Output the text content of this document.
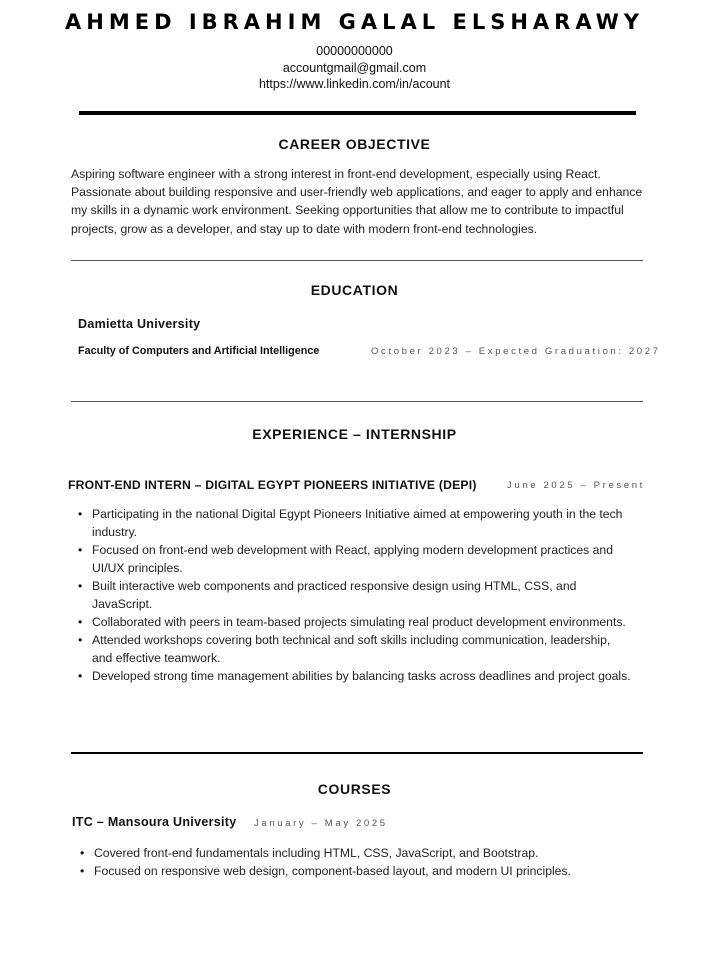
AHMED IBRAHIM GALAL ELSHARAWY
00000000000
accountgmail@gmail.com
https://www.linkedin.com/in/acount
CAREER OBJECTIVE
Aspiring software engineer with a strong interest in front-end development, especially using React. Passionate about building responsive and user-friendly web applications, and eager to apply and enhance my skills in a dynamic work environment. Seeking opportunities that allow me to contribute to impactful projects, grow as a developer, and stay up to date with modern front-end technologies.
EDUCATION
Damietta University
Faculty of Computers and Artificial Intelligence	October 2023 – Expected Graduation: 2027
EXPERIENCE – INTERNSHIP
FRONT-END INTERN – DIGITAL EGYPT PIONEERS INITIATIVE (DEPI)	June 2025 – Present
• Participating in the national Digital Egypt Pioneers Initiative aimed at empowering youth in the tech industry.
• Focused on front-end web development with React, applying modern development practices and UI/UX principles.
• Built interactive web components and practiced responsive design using HTML, CSS, and JavaScript.
• Collaborated with peers in team-based projects simulating real product development environments.
• Attended workshops covering both technical and soft skills including communication, leadership, and effective teamwork.
• Developed strong time management abilities by balancing tasks across deadlines and project goals.
COURSES
ITC – Mansoura University January – May 2025
• Covered front-end fundamentals including HTML, CSS, JavaScript, and Bootstrap.
• Focused on responsive web design, component-based layout, and modern UI principles.
